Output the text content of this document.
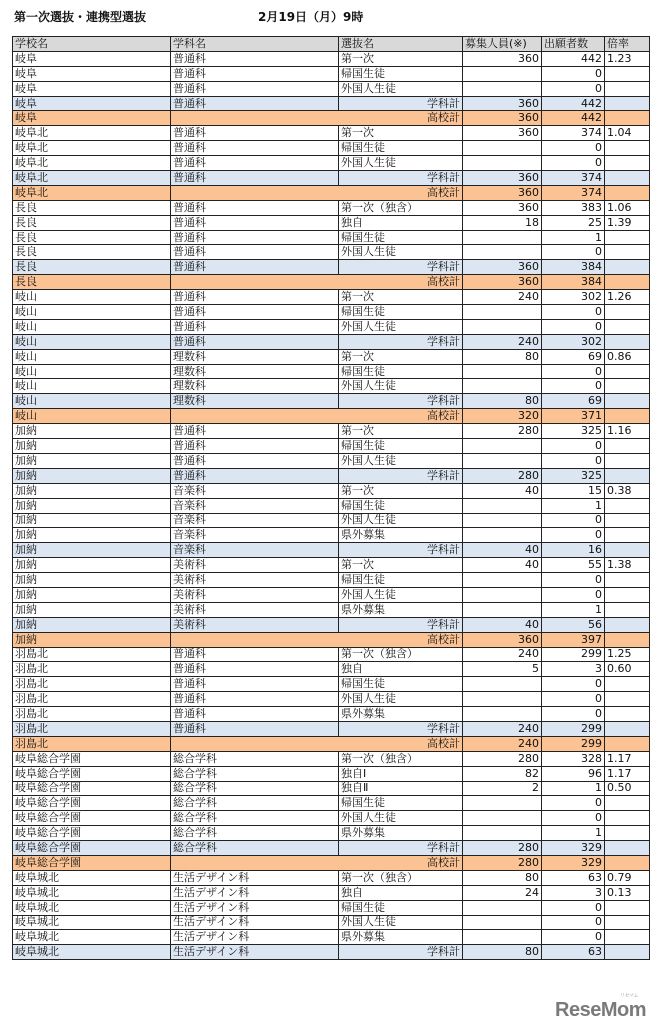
第一次選抜・連携型選抜	2月19日（月）9時
学校名	学科名	選抜名	募集人員(※)	出願者数	倍率
岐阜	普通科	第一次	360	442	1.23
岐阜	普通科	帰国生徒		0	
岐阜	普通科	外国人生徒		0	
岐阜	普通科	学科計	360	442	
岐阜	高校計		360	442	
岐阜北	普通科	第一次	360	374	1.04
岐阜北	普通科	帰国生徒		0	
岐阜北	普通科	外国人生徒		0	
岐阜北	普通科	学科計	360	374	
岐阜北	高校計		360	374	
長良	普通科	第一次（独含）	360	383	1.06
長良	普通科	独自	18	25	1.39
長良	普通科	帰国生徒		1	
長良	普通科	外国人生徒		0	
長良	普通科	学科計	360	384	
長良	高校計		360	384	
岐山	普通科	第一次	240	302	1.26
岐山	普通科	帰国生徒		0	
岐山	普通科	外国人生徒		0	
岐山	普通科	学科計	240	302	
岐山	理数科	第一次	80	69	0.86
岐山	理数科	帰国生徒		0	
岐山	理数科	外国人生徒		0	
岐山	理数科	学科計	80	69	
岐山	高校計		320	371	
加納	普通科	第一次	280	325	1.16
加納	普通科	帰国生徒		0	
加納	普通科	外国人生徒		0	
加納	普通科	学科計	280	325	
加納	音楽科	第一次	40	15	0.38
加納	音楽科	帰国生徒		1	
加納	音楽科	外国人生徒		0	
加納	音楽科	県外募集		0	
加納	音楽科	学科計	40	16	
加納	美術科	第一次	40	55	1.38
加納	美術科	帰国生徒		0	
加納	美術科	外国人生徒		0	
加納	美術科	県外募集		1	
加納	美術科	学科計	40	56	
加納	高校計		360	397	
羽島北	普通科	第一次（独含）	240	299	1.25
羽島北	普通科	独自	5	3	0.60
羽島北	普通科	帰国生徒		0	
羽島北	普通科	外国人生徒		0	
羽島北	普通科	県外募集		0	
羽島北	普通科	学科計	240	299	
羽島北	高校計		240	299	
岐阜総合学園	総合学科	第一次（独含）	280	328	1.17
岐阜総合学園	総合学科	独自Ⅰ	82	96	1.17
岐阜総合学園	総合学科	独自Ⅱ	2	1	0.50
岐阜総合学園	総合学科	帰国生徒		0	
岐阜総合学園	総合学科	外国人生徒		0	
岐阜総合学園	総合学科	県外募集		1	
岐阜総合学園	総合学科	学科計	280	329	
岐阜総合学園	高校計		280	329	
岐阜城北	生活デザイン科	第一次（独含）	80	63	0.79
岐阜城北	生活デザイン科	独自	24	3	0.13
岐阜城北	生活デザイン科	帰国生徒		0	
岐阜城北	生活デザイン科	外国人生徒		0	
岐阜城北	生活デザイン科	県外募集		0	
岐阜城北	生活デザイン科	学科計	80	63	
リセマム
ReseMom
